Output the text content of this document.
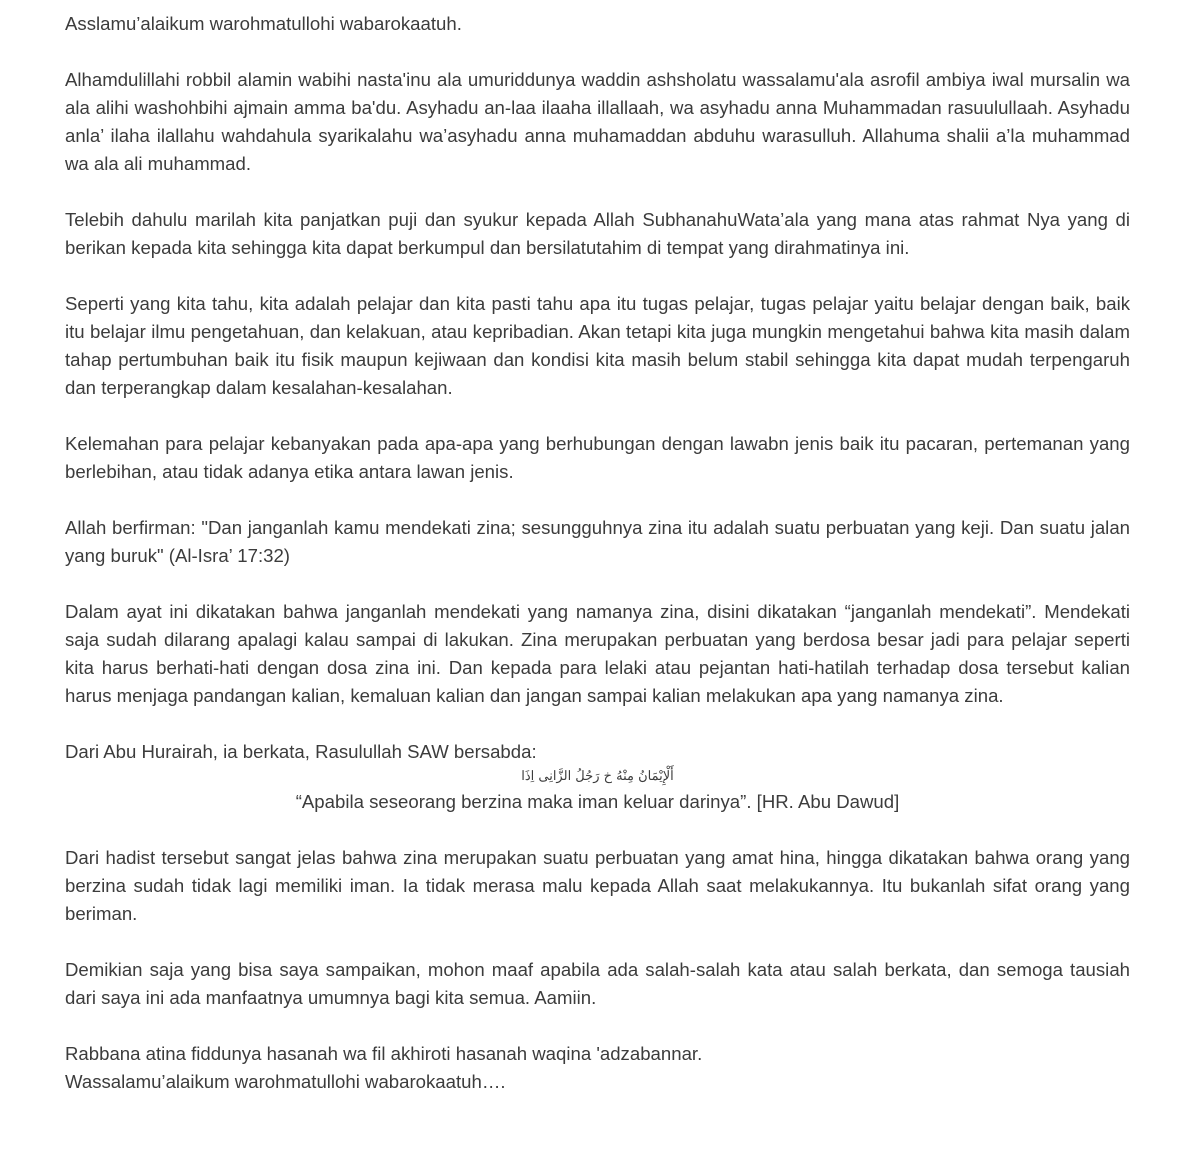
Asslamu’alaikum warohmatullohi wabarokaatuh.

Alhamdulillahi robbil alamin wabihi nasta'inu ala umuriddunya waddin ashsholatu wassalamu'ala asrofil ambiya iwal mursalin wa ala alihi washohbihi ajmain amma ba'du. Asyhadu an-laa ilaaha illallaah, wa asyhadu anna Muhammadan rasuulullaah. Asyhadu anla’ ilaha ilallahu wahdahula syarikalahu wa’asyhadu anna muhamaddan abduhu warasulluh. Allahuma shalii a’la muhammad wa ala ali muhammad.

Telebih dahulu marilah kita panjatkan puji dan syukur kepada Allah SubhanahuWata’ala yang mana atas rahmat Nya yang di berikan kepada kita sehingga kita dapat berkumpul dan bersilatutahim di tempat yang dirahmatinya ini.

Seperti yang kita tahu, kita adalah pelajar dan kita pasti tahu apa itu tugas pelajar, tugas pelajar yaitu belajar dengan baik, baik itu belajar ilmu pengetahuan, dan kelakuan, atau kepribadian. Akan tetapi kita juga mungkin mengetahui bahwa kita masih dalam tahap pertumbuhan baik itu fisik maupun kejiwaan dan kondisi kita masih belum stabil sehingga kita dapat mudah terpengaruh dan terperangkap dalam kesalahan-kesalahan.

Kelemahan para pelajar kebanyakan pada apa-apa yang berhubungan dengan lawabn jenis baik itu pacaran, pertemanan yang berlebihan, atau tidak adanya etika antara lawan jenis.

Allah berfirman: "Dan janganlah kamu mendekati zina; sesungguhnya zina itu adalah suatu perbuatan yang keji. Dan suatu jalan yang buruk" (Al-Isra’ 17:32)

Dalam ayat ini dikatakan bahwa janganlah mendekati yang namanya zina, disini dikatakan “janganlah mendekati”. Mendekati saja sudah dilarang apalagi kalau sampai di lakukan. Zina merupakan perbuatan yang berdosa besar jadi para pelajar seperti kita harus berhati-hati dengan dosa zina ini. Dan kepada para lelaki atau pejantan hati-hatilah terhadap dosa tersebut kalian harus menjaga pandangan kalian, kemaluan kalian dan jangan sampai kalian melakukan apa yang namanya zina.

Dari Abu Hurairah, ia berkata, Rasulullah SAW bersabda:

أَلْإِيْمَانُ مِنْهُ خ رَجُلُ الزَّانِى اِذَا
“Apabila seseorang berzina maka iman keluar darinya”. [HR. Abu Dawud]

Dari hadist tersebut sangat jelas bahwa zina merupakan suatu perbuatan yang amat hina, hingga dikatakan bahwa orang yang berzina sudah tidak lagi memiliki iman. Ia tidak merasa malu kepada Allah saat melakukannya. Itu bukanlah sifat orang yang beriman.

Demikian saja yang bisa saya sampaikan, mohon maaf apabila ada salah-salah kata atau salah berkata, dan semoga tausiah dari saya ini ada manfaatnya umumnya bagi kita semua. Aamiin.

Rabbana atina fiddunya hasanah wa fil akhiroti hasanah waqina 'adzabannar.

Wassalamu’alaikum warohmatullohi wabarokaatuh….
